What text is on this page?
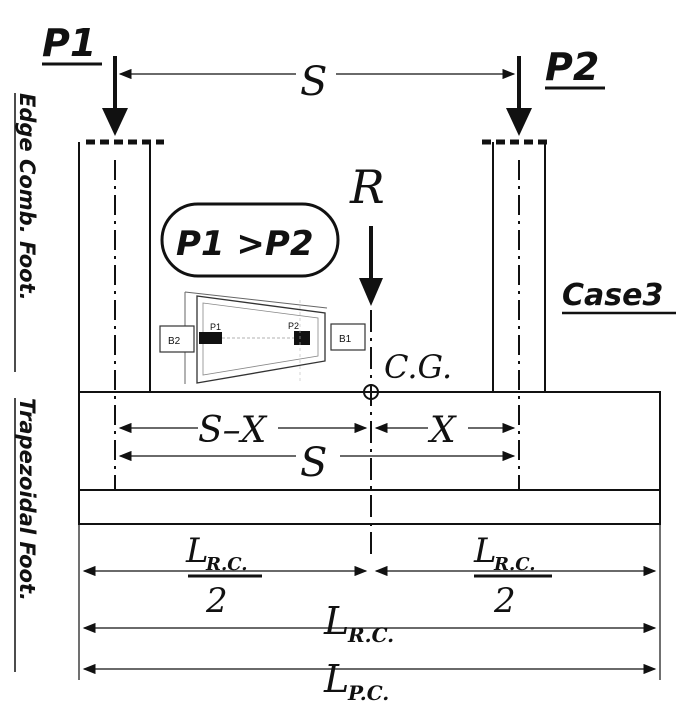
P1
P2
S
R
P1 >P2
B2	B1
P1	P2
Case3
C.G.
S–X	X
S
L
R.C.
2
L
R.C.
2
L
R.C.
L
P.C.
Edge Comb. Foot.
Trapezoidal Foot.
